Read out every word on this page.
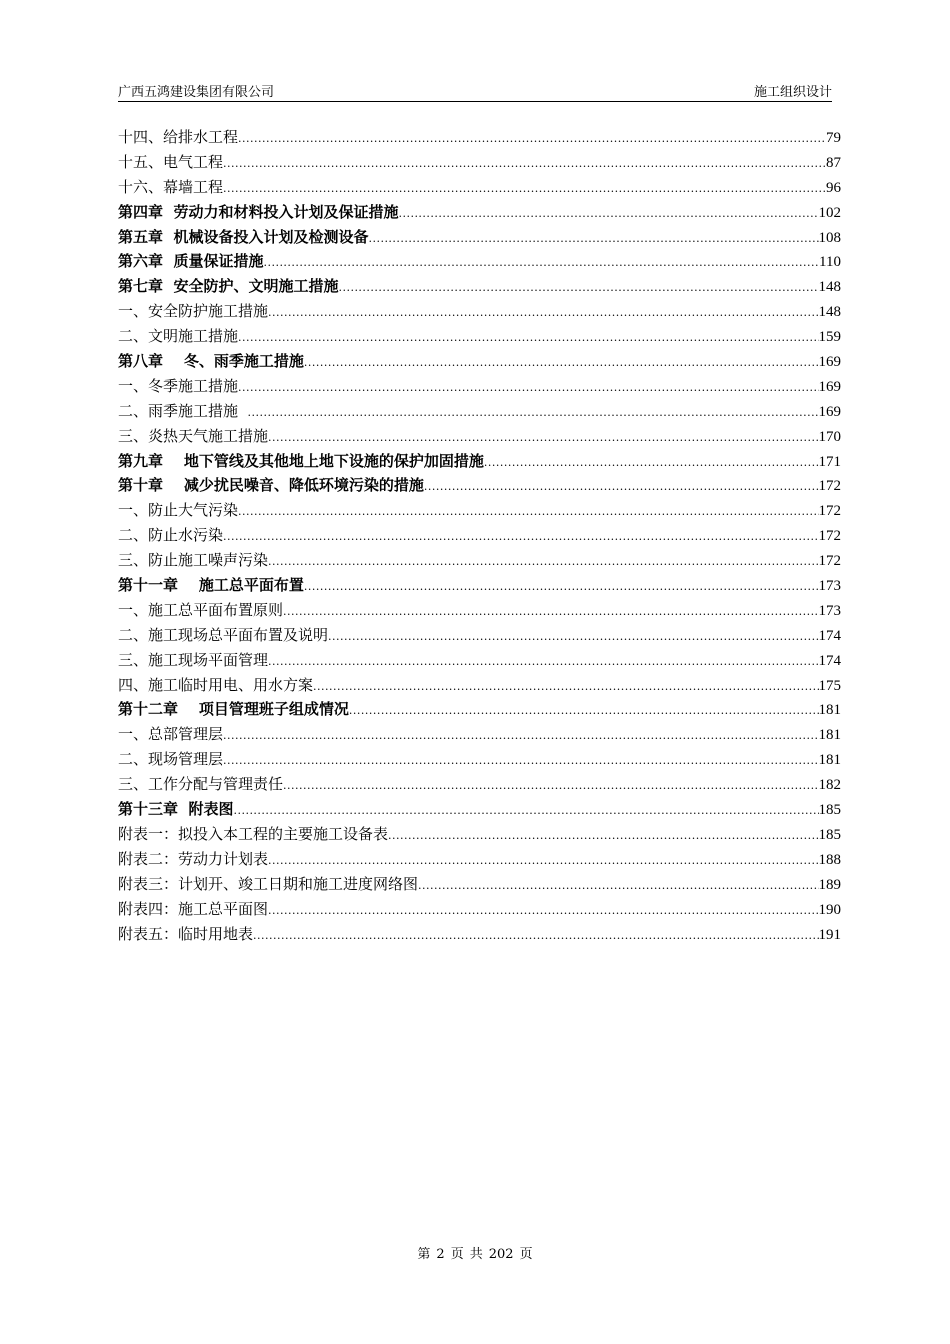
广西五鸿建设集团有限公司	施工组织设计
十四、给排水工程 .....	79
十五、电气工程 .....	87
十六、幕墙工程 .....	96
第四章  劳动力和材料投入计划及保证措施 .....	102
第五章  机械设备投入计划及检测设备 .....	108
第六章  质量保证措施 .....	110
第七章  安全防护、文明施工措施 .....	148
一、安全防护施工措施 .....	148
二、文明施工措施 .....	159
第八章    冬、雨季施工措施 .....	169
一、冬季施工措施 .....	169
二、雨季施工措施 .....	169
三、炎热天气施工措施 .....	170
第九章    地下管线及其他地上地下设施的保护加固措施 .....	171
第十章    减少扰民噪音、降低环境污染的措施 .....	172
一、防止大气污染 .....	172
二、防止水污染 .....	172
三、防止施工噪声污染 .....	172
第十一章    施工总平面布置 .....	173
一、施工总平面布置原则 .....	173
二、施工现场总平面布置及说明 .....	174
三、施工现场平面管理 .....	174
四、施工临时用电、用水方案 .....	175
第十二章    项目管理班子组成情况 .....	181
一、总部管理层 .....	181
二、现场管理层 .....	181
三、工作分配与管理责任 .....	182
第十三章  附表图 .....	185
附表一：拟投入本工程的主要施工设备表 .....	185
附表二：劳动力计划表 .....	188
附表三：计划开、竣工日期和施工进度网络图 .....	189
附表四：施工总平面图 .....	190
附表五：临时用地表 .....	191
第 2 页 共 202 页
